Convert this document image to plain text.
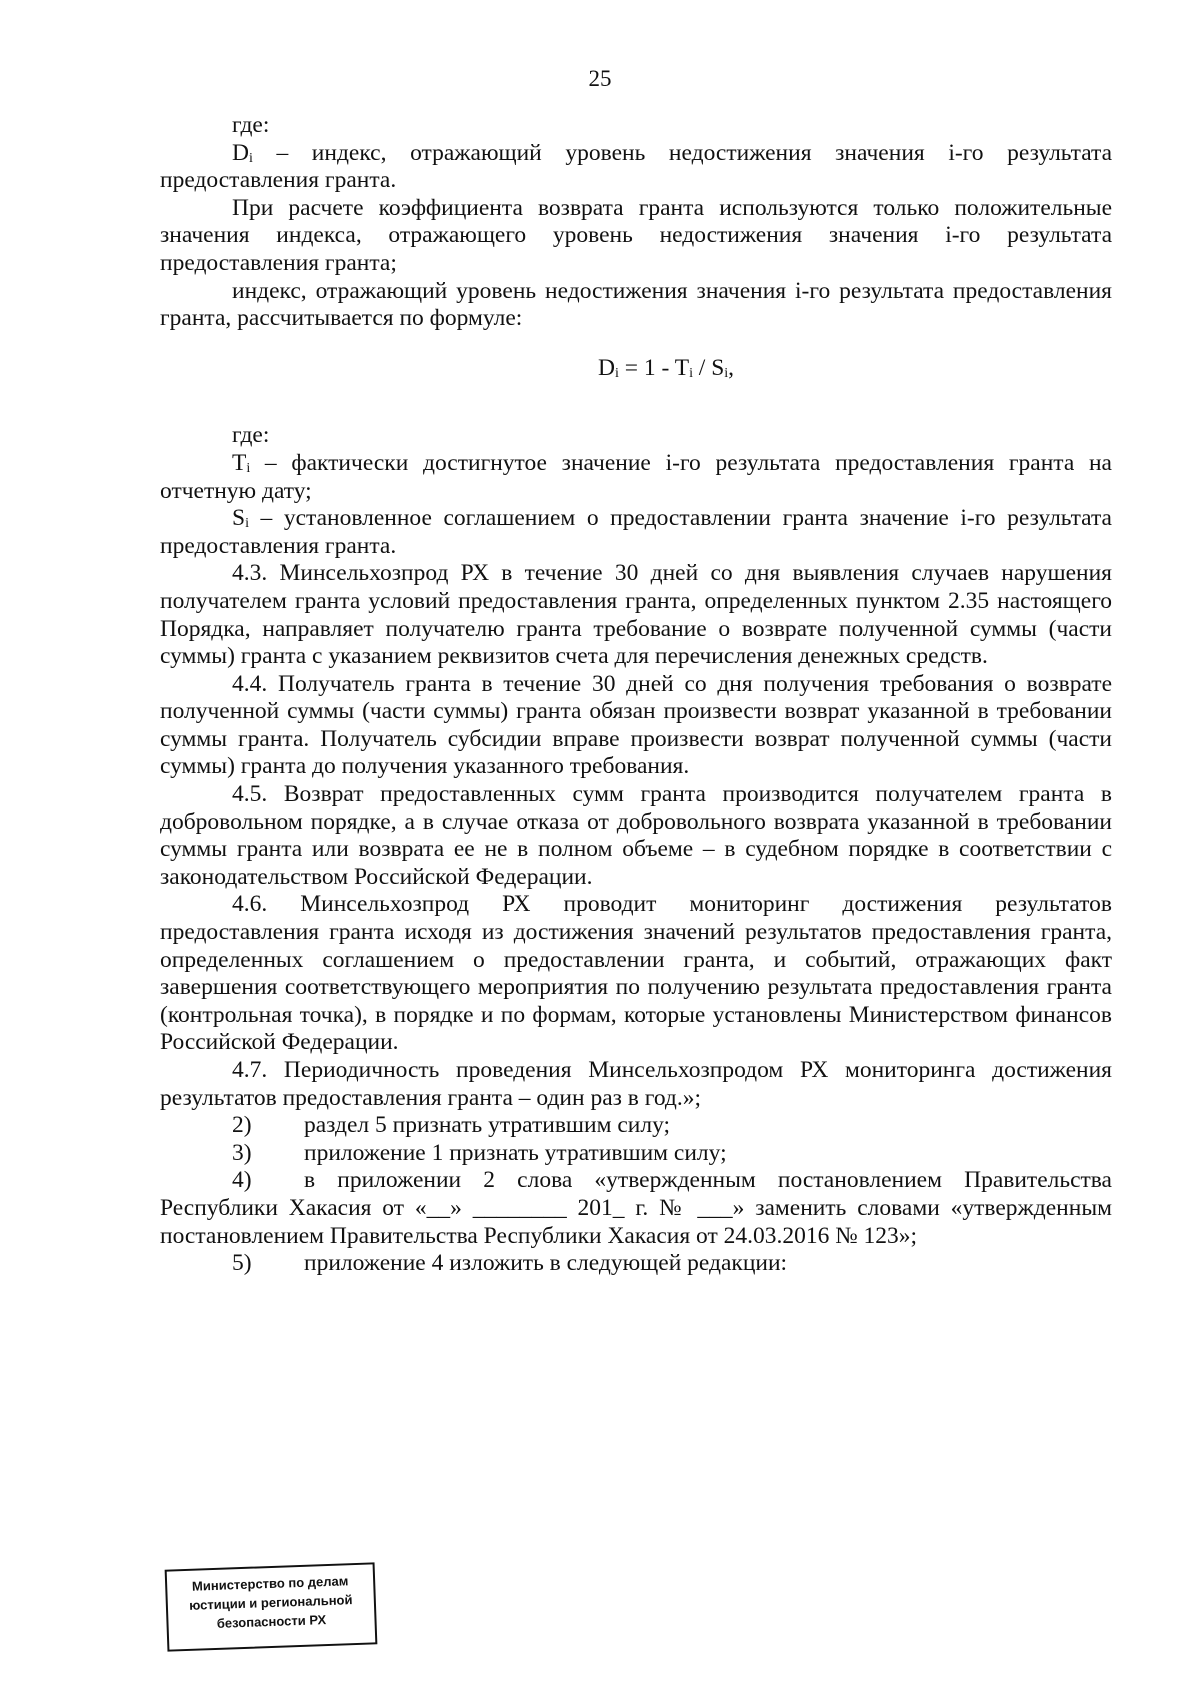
25

где:

Dᵢ – индекс, отражающий уровень недостижения значения i-го результата предоставления гранта.

При расчете коэффициента возврата гранта используются только положительные значения индекса, отражающего уровень недостижения значения i-го результата предоставления гранта;

индекс, отражающий уровень недостижения значения i-го результата предоставления гранта, рассчитывается по формуле:

Dᵢ = 1 - Tᵢ / Sᵢ,

где:

Tᵢ – фактически достигнутое значение i-го результата предоставления гранта на отчетную дату;

Sᵢ – установленное соглашением о предоставлении гранта значение i-го результата предоставления гранта.

4.3. Минсельхозпрод РХ в течение 30 дней со дня выявления случаев нарушения получателем гранта условий предоставления гранта, определенных пунктом 2.35 настоящего Порядка, направляет получателю гранта требование о возврате полученной суммы (части суммы) гранта с указанием реквизитов счета для перечисления денежных средств.

4.4. Получатель гранта в течение 30 дней со дня получения требования о возврате полученной суммы (части суммы) гранта обязан произвести возврат указанной в требовании суммы гранта. Получатель субсидии вправе произвести возврат полученной суммы (части суммы) гранта до получения указанного требования.

4.5. Возврат предоставленных сумм гранта производится получателем гранта в добровольном порядке, а в случае отказа от добровольного возврата указанной в требовании суммы гранта или возврата ее не в полном объеме – в судебном порядке в соответствии с законодательством Российской Федерации.

4.6. Минсельхозпрод РХ проводит мониторинг достижения результатов предоставления гранта исходя из достижения значений результатов предоставления гранта, определенных соглашением о предоставлении гранта, и событий, отражающих факт завершения соответствующего мероприятия по получению результата предоставления гранта (контрольная точка), в порядке и по формам, которые установлены Министерством финансов Российской Федерации.

4.7. Периодичность проведения Минсельхозпродом РХ мониторинга достижения результатов предоставления гранта – один раз в год.»;

2)	раздел 5 признать утратившим силу;
3)	приложение 1 признать утратившим силу;

4) в приложении 2 слова «утвержденным постановлением Правительства Республики Хакасия от «__» ________ 201_ г. № ___» заменить словами «утвержденным постановлением Правительства Республики Хакасия от 24.03.2016 № 123»;

5)	приложение 4 изложить в следующей редакции:
Министерство по делам
юстиции и региональной
безопасности РХ
